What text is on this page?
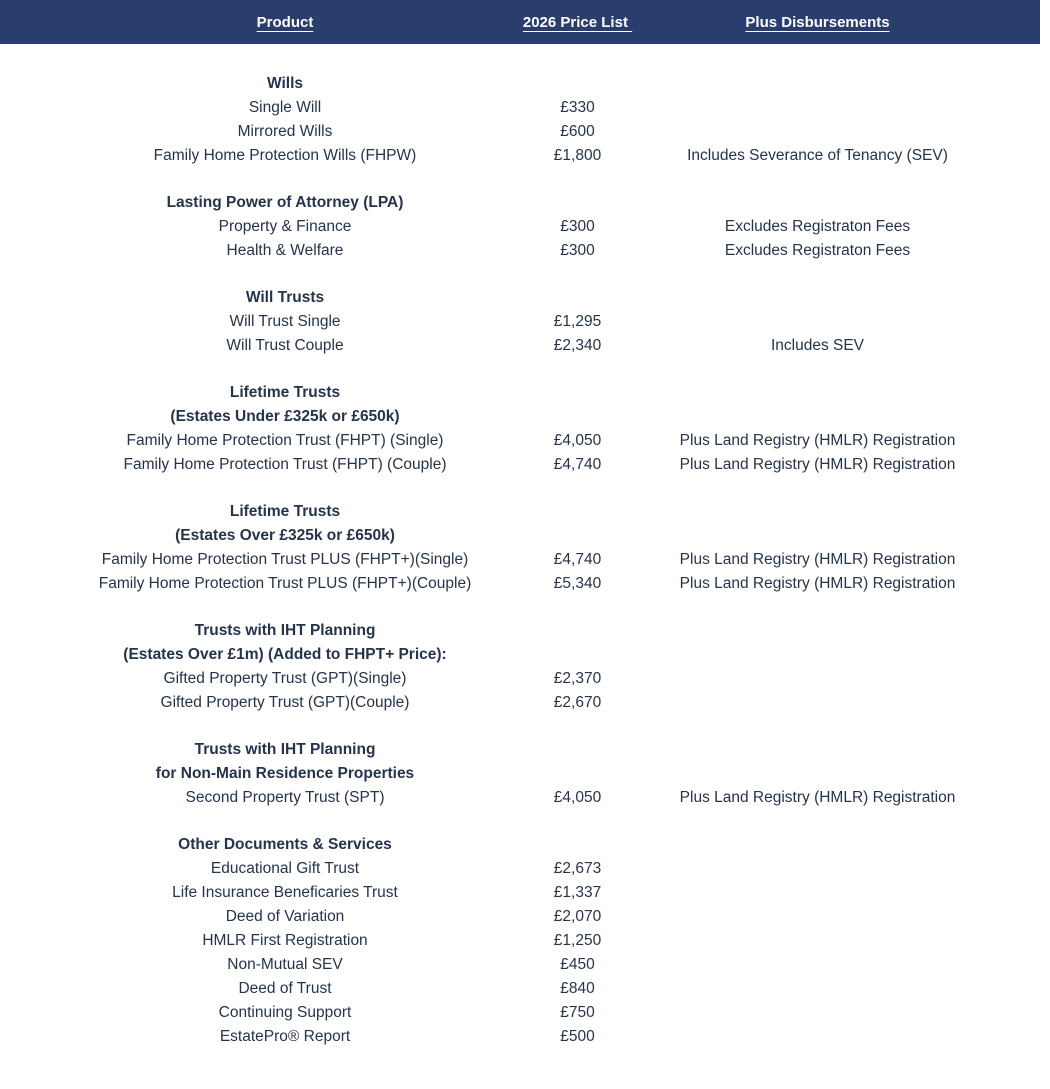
Product	2026 Price List	Plus Disbursements
Wills
Single Will	£330
Mirrored Wills	£600
Family Home Protection Wills (FHPW)	£1,800	Includes Severance of Tenancy (SEV)
Lasting Power of Attorney (LPA)
Property & Finance	£300	Excludes Registraton Fees
Health & Welfare	£300	Excludes Registraton Fees
Will Trusts
Will Trust Single	£1,295
Will Trust Couple	£2,340	Includes SEV
Lifetime Trusts
(Estates Under £325k or £650k)
Family Home Protection Trust (FHPT) (Single)	£4,050	Plus Land Registry (HMLR) Registration
Family Home Protection Trust (FHPT) (Couple)	£4,740	Plus Land Registry (HMLR) Registration
Lifetime Trusts
(Estates Over £325k or £650k)
Family Home Protection Trust PLUS (FHPT+)(Single)	£4,740	Plus Land Registry (HMLR) Registration
Family Home Protection Trust PLUS (FHPT+)(Couple)	£5,340	Plus Land Registry (HMLR) Registration
Trusts with IHT Planning
(Estates Over £1m) (Added to FHPT+ Price):
Gifted Property Trust (GPT)(Single)	£2,370
Gifted Property Trust (GPT)(Couple)	£2,670
Trusts with IHT Planning
for Non-Main Residence Properties
Second Property Trust (SPT)	£4,050	Plus Land Registry (HMLR) Registration
Other Documents & Services
Educational Gift Trust	£2,673
Life Insurance Beneficaries Trust	£1,337
Deed of Variation	£2,070
HMLR First Registration	£1,250
Non-Mutual SEV	£450
Deed of Trust	£840
Continuing Support	£750
EstatePro® Report	£500
